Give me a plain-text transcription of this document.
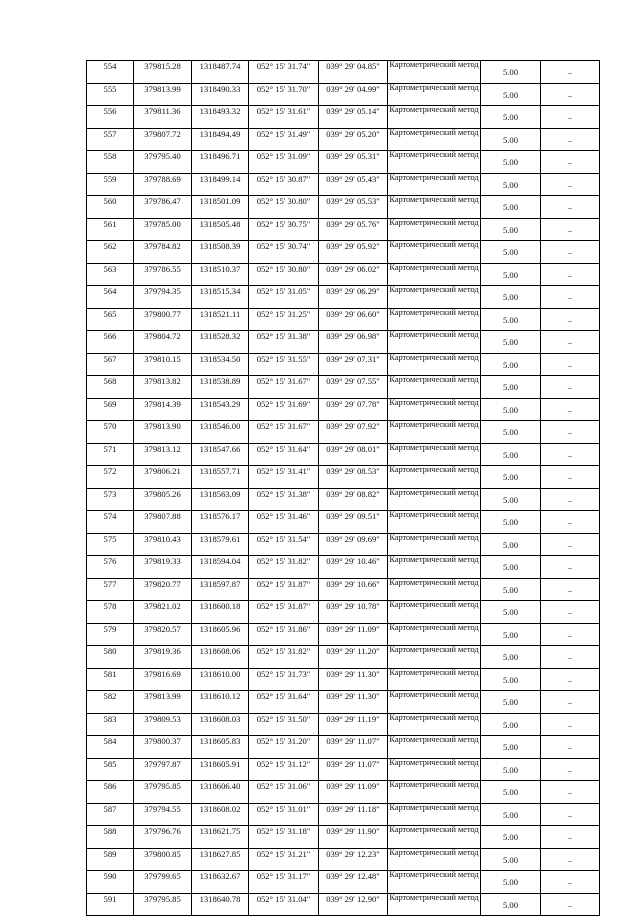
554	379815.28	1318487.74	052° 15' 31.74"	039° 29' 04.85"	Картометрический метод	5.00	–
555	379813.99	1318490.33	052° 15' 31.70"	039° 29' 04.99"	Картометрический метод	5.00	–
556	379811.36	1318493.32	052° 15' 31.61"	039° 29' 05.14"	Картометрический метод	5.00	–
557	379807.72	1318494.49	052° 15' 31.49"	039° 29' 05.20"	Картометрический метод	5.00	–
558	379795.40	1318496.71	052° 15' 31.09"	039° 29' 05.31"	Картометрический метод	5.00	–
559	379788.69	1318499.14	052° 15' 30.87"	039° 29' 05.43"	Картометрический метод	5.00	–
560	379786.47	1318501.09	052° 15' 30.80"	039° 29' 05.53"	Картометрический метод	5.00	–
561	379785.00	1318505.48	052° 15' 30.75"	039° 29' 05.76"	Картометрический метод	5.00	–
562	379784.82	1318508.39	052° 15' 30.74"	039° 29' 05.92"	Картометрический метод	5.00	–
563	379786.55	1318510.37	052° 15' 30.80"	039° 29' 06.02"	Картометрический метод	5.00	–
564	379794.35	1318515.34	052° 15' 31.05"	039° 29' 06.29"	Картометрический метод	5.00	–
565	379800.77	1318521.11	052° 15' 31.25"	039° 29' 06.60"	Картометрический метод	5.00	–
566	379804.72	1318528.32	052° 15' 31.38"	039° 29' 06.98"	Картометрический метод	5.00	–
567	379810.15	1318534.50	052° 15' 31.55"	039° 29' 07.31"	Картометрический метод	5.00	–
568	379813.82	1318538.89	052° 15' 31.67"	039° 29' 07.55"	Картометрический метод	5.00	–
569	379814.39	1318543.29	052° 15' 31.69"	039° 29' 07.78"	Картометрический метод	5.00	–
570	379813.90	1318546.00	052° 15' 31.67"	039° 29' 07.92"	Картометрический метод	5.00	–
571	379813.12	1318547.66	052° 15' 31.64"	039° 29' 08.01"	Картометрический метод	5.00	–
572	379806.21	1318557.71	052° 15' 31.41"	039° 29' 08.53"	Картометрический метод	5.00	–
573	379805.26	1318563.09	052° 15' 31.38"	039° 29' 08.82"	Картометрический метод	5.00	–
574	379807.88	1318576.17	052° 15' 31.46"	039° 29' 09.51"	Картометрический метод	5.00	–
575	379810.43	1318579.61	052° 15' 31.54"	039° 29' 09.69"	Картометрический метод	5.00	–
576	379819.33	1318594.04	052° 15' 31.82"	039° 29' 10.46"	Картометрический метод	5.00	–
577	379820.77	1318597.87	052° 15' 31.87"	039° 29' 10.66"	Картометрический метод	5.00	–
578	379821.02	1318600.18	052° 15' 31.87"	039° 29' 10.78"	Картометрический метод	5.00	–
579	379820.57	1318605.96	052° 15' 31.86"	039° 29' 11.09"	Картометрический метод	5.00	–
580	379819.36	1318608.06	052° 15' 31.82"	039° 29' 11.20"	Картометрический метод	5.00	–
581	379816.69	1318610.00	052° 15' 31.73"	039° 29' 11.30"	Картометрический метод	5.00	–
582	379813.99	1318610.12	052° 15' 31.64"	039° 29' 11.30"	Картометрический метод	5.00	–
583	379809.53	1318608.03	052° 15' 31.50"	039° 29' 11.19"	Картометрический метод	5.00	–
584	379800.37	1318605.83	052° 15' 31.20"	039° 29' 11.07"	Картометрический метод	5.00	–
585	379797.87	1318605.91	052° 15' 31.12"	039° 29' 11.07"	Картометрический метод	5.00	–
586	379795.85	1318606.40	052° 15' 31.06"	039° 29' 11.09"	Картометрический метод	5.00	–
587	379794.55	1318608.02	052° 15' 31.01"	039° 29' 11.18"	Картометрический метод	5.00	–
588	379796.76	1318621.75	052° 15' 31.18"	039° 29' 11.90"	Картометрический метод	5.00	–
589	379800.85	1318627.85	052° 15' 31.21"	039° 29' 12.23"	Картометрический метод	5.00	–
590	379799.65	1318632.67	052° 15' 31.17"	039° 29' 12.48"	Картометрический метод	5.00	–
591	379795.85	1318640.78	052° 15' 31.04"	039° 29' 12.90"	Картометрический метод	5.00	–
